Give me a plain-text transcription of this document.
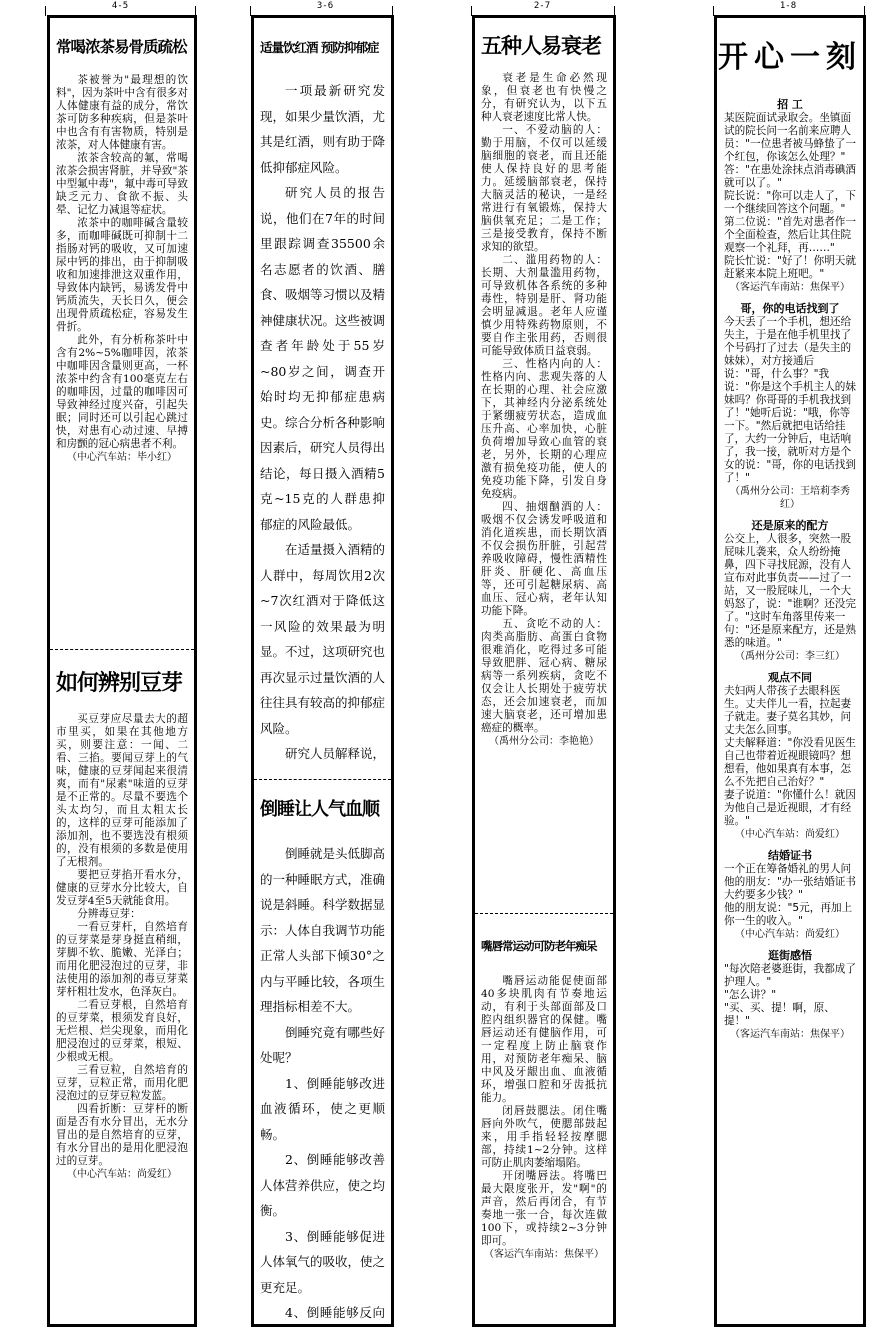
4-5	3-6	2-7	1-8
常喝浓茶易骨质疏松

茶被誉为"最理想的饮料"，因为茶叶中含有很多对人体健康有益的成分，常饮茶可防多种疾病，但是茶叶中也含有有害物质，特别是浓茶，对人体健康有害。

浓茶含较高的氟，常喝浓茶会损害肾脏，并导致"茶中型氟中毒"，氟中毒可导致缺乏元力、食欲不振、头晕、记忆力减退等症状。

浓茶中的咖啡碱含量较多，而咖啡碱既可抑制十二指肠对钙的吸收，又可加速尿中钙的排出，由于抑制吸收和加速排泄这双重作用，导致体内缺钙，易诱发骨中钙质流失，天长日久，便会出现骨质疏松症，容易发生骨折。

此外，有分析称茶叶中含有2%~5%咖啡因，浓茶中咖啡因含量则更高，一杯浓茶中约含有100毫克左右的咖啡因，过量的咖啡因可导致神经过度兴奋，引起失眠；同时还可以引起心跳过快，对患有心动过速、早搏和房颤的冠心病患者不利。

（中心汽车站：毕小红）
如何辨别豆芽

买豆芽应尽量去大的超市里买，如果在其他地方买，则要注意：一闻、二看、三掐。要闻豆芽上的气味，健康的豆芽闻起来很清爽，而有"尿素"味道的豆芽是不正常的。尽量不要选个头太均匀，而且太粗太长的，这样的豆芽可能添加了添加剂，也不要选没有根须的，没有根须的多数是使用了无根剂。

要把豆芽掐开看水分，健康的豆芽水分比较大，自发豆芽4至5天就能食用。

分辨毒豆芽：

一看豆芽杆，自然培育的豆芽菜是芽身挺直稍细，芽脚不软、脆嫩、光泽白；而用化肥浸泡过的豆芽，非法使用的添加剂的毒豆芽菜芽杆粗壮发水，色泽灰白。

二看豆芽根，自然培育的豆芽菜，根须发育良好，无烂根、烂尖现象，而用化肥浸泡过的豆芽菜，根短、少根或无根。

三看豆粒，自然培育的豆芽，豆粒正常，而用化肥浸泡过的豆芽豆粒发蓝。

四看折断：豆芽杆的断面是否有水分冒出，无水分冒出的是自然培育的豆芽，有水分冒出的是用化肥浸泡过的豆芽。

（中心汽车站：尚爱红）
适量饮红酒 预防抑郁症

一项最新研究发现，如果少量饮酒，尤其是红酒，则有助于降低抑郁症风险。

研究人员的报告说，他们在7年的时间里跟踪调查35500余名志愿者的饮酒、膳食、吸烟等习惯以及精神健康状况。这些被调查者年龄处于55岁~80岁之间，调查开始时均无抑郁症患病史。综合分析各种影响因素后，研究人员得出结论，每日摄入酒精5克~15克的人群患抑郁症的风险最低。

在适量摄入酒精的人群中，每周饮用2次~7次红酒对于降低这一风险的效果最为明显。不过，这项研究也再次显示过量饮酒的人往往具有较高的抑郁症风险。

研究人员解释说，

倒睡让人气血顺

倒睡就是头低脚高的一种睡眠方式，准确说是斜睡。科学数据显示：人体自我调节功能正常人头部下倾30°之内与平睡比较，各项生理指标相差不大。

倒睡究竟有哪些好处呢？

1、倒睡能够改进血液循环，使之更顺畅。

2、倒睡能够改善人体营养供应，使之均衡。

3、倒睡能够促进人体氧气的吸收，使之更充足。

4、倒睡能够反向

五种人易衰老

衰老是生命必然现象，但衰老也有快慢之分，有研究认为，以下五种人衰老速度比常人快。

一、不爱动脑的人：勤于用脑，不仅可以延缓脑细胞的衰老，而且还能使人保持良好的思考能力。延缓脑部衰老，保持大脑灵活的秘诀，一是经常进行有氧锻炼，保持大脑供氧充足；二是工作；三是接受教育，保持不断求知的欲望。

二、滥用药物的人：长期、大剂量滥用药物，可导致机体各系统的多种毒性，特别是肝、肾功能会明显减退。老年人应谨慎少用特殊药物原则，不要自作主张用药，否则很可能导致体质日益衰弱。

三、性格内向的人：性格内向、悲观失落的人在长期的心理、社会应激下，其神经内分泌系统处于紧绷疲劳状态，造成血压升高、心率加快，心脏负荷增加导致心血管的衰老，另外，长期的心理应激有损免疫功能，使人的免疫功能下降，引发自身免疫病。

四、抽烟酗酒的人：吸烟不仅会诱发呼吸道和消化道疾患，而长期饮酒不仅会损伤肝脏，引起营养吸收障碍，慢性酒精性肝炎、肝硬化、高血压等，还可引起糖尿病、高血压、冠心病，老年认知功能下降。

五、贪吃不动的人：肉类高脂肪、高蛋白食物很难消化，吃得过多可能导致肥胖、冠心病、糖尿病等一系列疾病，贪吃不仅会让人长期处于疲劳状态，还会加速衰老，而加速大脑衰老，还可增加患癌症的概率。

（禹州分公司：李艳艳）
嘴唇常运动可防老年痴呆

嘴唇运动能促使面部40多块肌肉有节奏地运动，有利于头部面部及口腔内组织器官的保健。嘴唇运动还有健脑作用，可一定程度上防止脑衰作用，对预防老年痴呆、脑中风及牙龈出血、血液循环，增强口腔和牙齿抵抗能力。

闭唇鼓腮法。闭住嘴唇向外吹气，使腮部鼓起来，用手指轻轻按摩腮部，持续1~2分钟。这样可防止肌肉萎缩塌陷。

开闭嘴唇法。将嘴巴最大限度张开，发"啊"的声音，然后再闭合，有节奏地一张一合，每次连做100下，或持续2~3分钟即可。

（客运汽车南站：焦保平）
开心一刻
招 工

某医院面试录取会。坐镇面试的院长问一名前来应聘人员："一位患者被马蜂蛰了一个红包，你该怎么处理？"

答："在患处涂抹点消毒碘酒就可以了。"

院长说："你可以走人了，下一个继续回答这个问题。"

第二位说："首先对患者作一个全面检查，然后让其住院观察一个礼拜，再……"

院长忙说："好了！你明天就赶紧来本院上班吧。"

（客运汽车南站：焦保平）
哥，你的电话找到了

今天丢了一个手机，想还给失主，于是在他手机里找了个号码打了过去（是失主的妹妹），对方接通后说："哥，什么事？"我说："你是这个手机主人的妹妹吗？你哥哥的手机我找到了！"她听后说："哦，你等一下。"然后就把电话给挂了，大约一分钟后，电话响了，我一接，就听对方是个女的说："哥，你的电话找到了！"

（禹州分公司：王培莉李秀红）
还是原来的配方

公交上，人很多，突然一股屁味儿袭来，众人纷纷掩鼻，四下寻找屁源，没有人宣布对此事负责——过了一站，又一股屁味儿，一个大妈怒了，说："谁啊？还没完了。"这时车角落里传来一句："还是原来配方，还是熟悉的味道。"

（禹州分公司：李三红）
观点不同

夫妇两人带孩子去眼科医生。丈夫伴儿一看，拉起妻子就走。妻子莫名其妙，问丈夫怎么回事。

丈夫解释道："你没看见医生自己也带着近视眼镜吗？想想看，他如果真有本事，怎么不先把自己治好？"

妻子说道："你懂什么！就因为他自己是近视眼，才有经验。"

（中心汽车站：尚爱红）
结婚证书

一个正在筹备婚礼的男人问他的朋友："办一张结婚证书大约要多少钱？"

他的朋友说："5元，再加上你一生的收入。"

（中心汽车站：尚爱红）
逛街感悟

"每次陪老婆逛街，我都成了护理人。"

"怎么讲？"

"买、买、提！啊，原、提！"

（客运汽车南站：焦保平）
